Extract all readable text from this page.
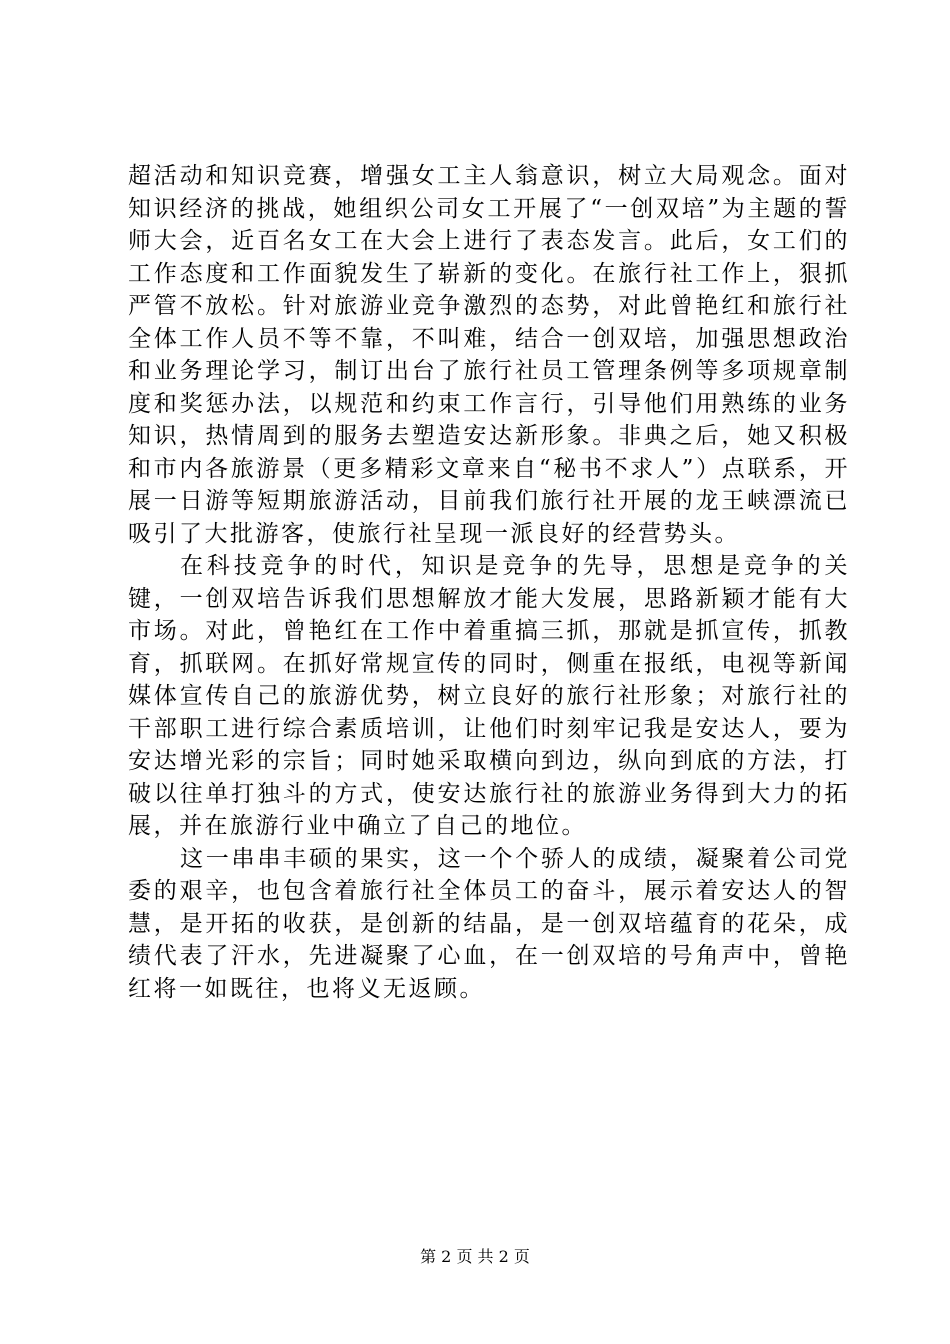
超活动和知识竞赛，增强女工主人翁意识，树立大局观念。面对知识经济的挑战，她组织公司女工开展了“一创双培”为主题的誓师大会，近百名女工在大会上进行了表态发言。此后，女工们的工作态度和工作面貌发生了崭新的变化。在旅行社工作上，狠抓严管不放松。针对旅游业竞争激烈的态势，对此曾艳红和旅行社全体工作人员不等不靠，不叫难，结合一创双培，加强思想政治和业务理论学习，制订出台了旅行社员工管理条例等多项规章制度和奖惩办法，以规范和约束工作言行，引导他们用熟练的业务知识，热情周到的服务去塑造安达新形象。非典之后，她又积极和市内各旅游景（更多精彩文章来自“秘书不求人”）点联系，开展一日游等短期旅游活动，目前我们旅行社开展的龙王峡漂流已吸引了大批游客，使旅行社呈现一派良好的经营势头。

在科技竞争的时代，知识是竞争的先导，思想是竞争的关键，一创双培告诉我们思想解放才能大发展，思路新颖才能有大市场。对此，曾艳红在工作中着重搞三抓，那就是抓宣传，抓教育，抓联网。在抓好常规宣传的同时，侧重在报纸，电视等新闻媒体宣传自己的旅游优势，树立良好的旅行社形象；对旅行社的干部职工进行综合素质培训，让他们时刻牢记我是安达人，要为安达增光彩的宗旨；同时她采取横向到边，纵向到底的方法，打破以往单打独斗的方式，使安达旅行社的旅游业务得到大力的拓展，并在旅游行业中确立了自己的地位。

这一串串丰硕的果实，这一个个骄人的成绩，凝聚着公司党委的艰辛，也包含着旅行社全体员工的奋斗，展示着安达人的智慧，是开拓的收获，是创新的结晶，是一创双培蕴育的花朵，成绩代表了汗水，先进凝聚了心血，在一创双培的号角声中，曾艳红将一如既往，也将义无返顾。

第 2 页 共 2 页
